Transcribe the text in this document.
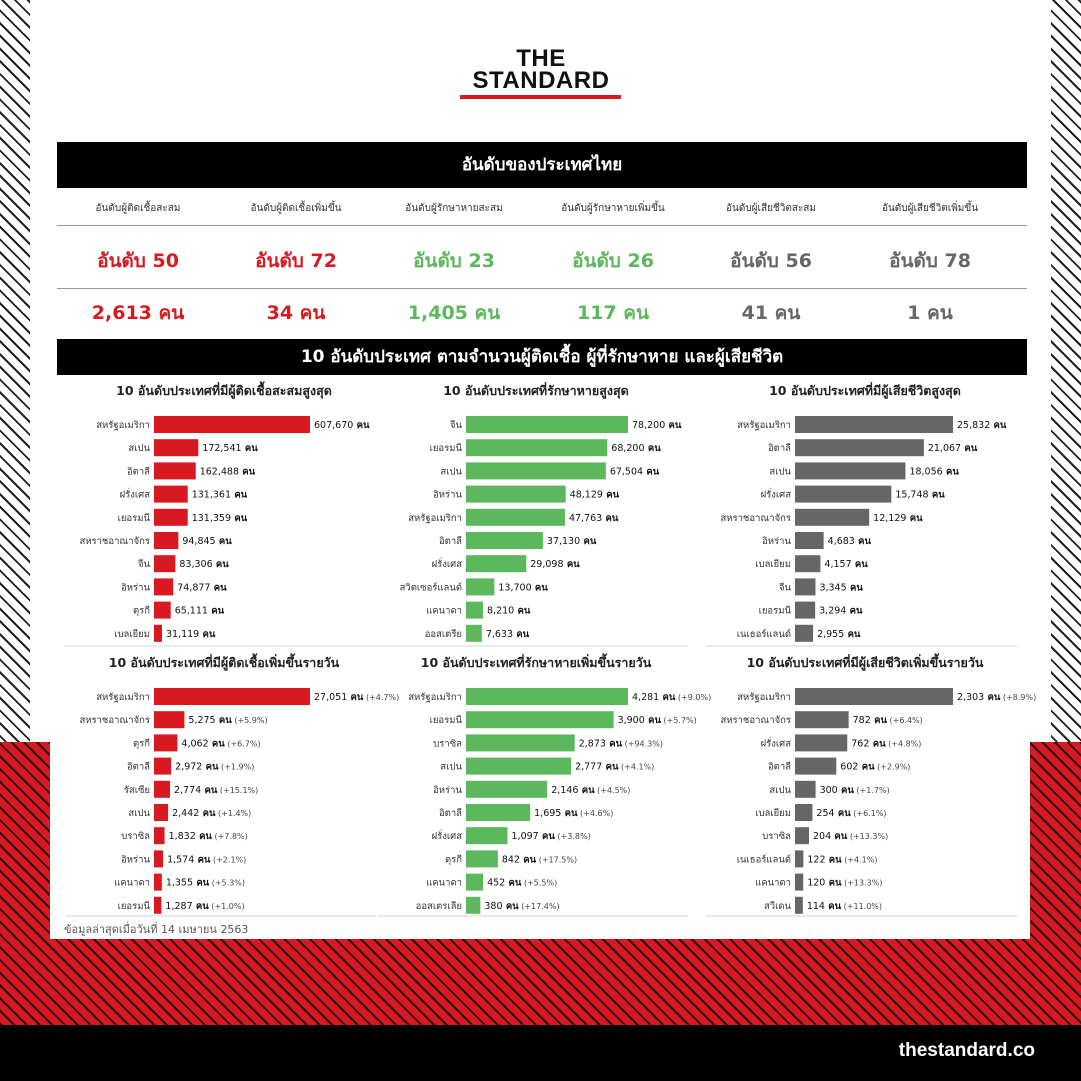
THE
STANDARD
อันดับของประเทศไทย
อันดับผู้ติดเชื้อสะสม
อันดับ 50
2,613 คน
อันดับผู้ติดเชื้อเพิ่มขึ้น
อันดับ 72
34 คน
อันดับผู้รักษาหายสะสม
อันดับ 23
1,405 คน
อันดับผู้รักษาหายเพิ่มขึ้น
อันดับ 26
117 คน
อันดับผู้เสียชีวิตสะสม
อันดับ 56
41 คน
อันดับผู้เสียชีวิตเพิ่มขึ้น
อันดับ 78
1 คน
10 อันดับประเทศ ตามจำนวนผู้ติดเชื้อ ผู้ที่รักษาหาย และผู้เสียชีวิต
10 อันดับประเทศที่มีผู้ติดเชื้อสะสมสูงสุด
สหรัฐอเมริกา	607,670 คน
สเปน	172,541 คน
อิตาลี	162,488 คน
ฝรั่งเศส	131,361 คน
เยอรมนี	131,359 คน
สหราชอาณาจักร	94,845 คน
จีน	83,306 คน
อิหร่าน	74,877 คน
ตุรกี	65,111 คน
เบลเยียม 31,119 คน
10 อันดับประเทศที่รักษาหายสูงสุด
จีน	78,200 คน
เยอรมนี	68,200 คน
สเปน	67,504 คน
อิหร่าน	48,129 คน
สหรัฐอเมริกา	47,763 คน
อิตาลี	37,130 คน
ฝรั่งเศส	29,098 คน
สวิตเซอร์แลนด์	13,700 คน
แคนาดา	8,210 คน
ออสเตรีย	7,633 คน
10 อันดับประเทศที่มีผู้เสียชีวิตสูงสุด
สหรัฐอเมริกา	25,832 คน
อิตาลี	21,067 คน
สเปน	18,056 คน
ฝรั่งเศส	15,748 คน
สหราชอาณาจักร	12,129 คน
อิหร่าน	4,683 คน
เบลเยียม	4,157 คน
จีน	3,345 คน
เยอรมนี	3,294 คน
เนเธอร์แลนด์	2,955 คน
10 อันดับประเทศที่มีผู้ติดเชื้อเพิ่มขึ้นรายวัน
สหรัฐอเมริกา	27,051 คน (+4.7%)
สหราชอาณาจักร	5,275 คน (+5.9%)
ตุรกี	4,062 คน (+6.7%)
อิตาลี	2,972 คน (+1.9%)
รัสเซีย	2,774 คน (+15.1%)
สเปน 2,442 คน (+1.4%)
บราซิล 1,832 คน (+7.8%)
อิหร่าน 1,574 คน (+2.1%)
แคนาดา 1,355 คน (+5.3%)
เยอรมนี 1,287 คน (+1.0%)
10 อันดับประเทศที่รักษาหายเพิ่มขึ้นรายวัน
สหรัฐอเมริกา	4,281 คน (+9.0%)
เยอรมนี	3,900 คน (+5.7%)
บราซิล	2,873 คน (+94.3%)
สเปน	2,777 คน (+4.1%)
อิหร่าน	2,146 คน (+4.5%)
อิตาลี	1,695 คน (+4.6%)
ฝรั่งเศส	1,097 คน (+3.8%)
ตุรกี	842 คน (+17.5%)
แคนาดา	452 คน (+5.5%)
ออสเตรเลีย 380 คน (+17.4%)
10 อันดับประเทศที่มีผู้เสียชีวิตเพิ่มขึ้นรายวัน
สหรัฐอเมริกา	2,303 คน (+8.9%)
สหราชอาณาจักร	782 คน (+6.4%)
ฝรั่งเศส	762 คน (+4.8%)
อิตาลี	602 คน (+2.9%)
สเปน	300 คน (+1.7%)
เบลเยียม	254 คน (+6.1%)
บราซิล 204 คน (+13.3%)
เนเธอร์แลนด์ 122 คน (+4.1%)
แคนาดา 120 คน (+13.3%)
สวีเดน 114 คน (+11.0%)
ข้อมูลล่าสุดเมื่อวันที่ 14 เมษายน 2563
thestandard.co
